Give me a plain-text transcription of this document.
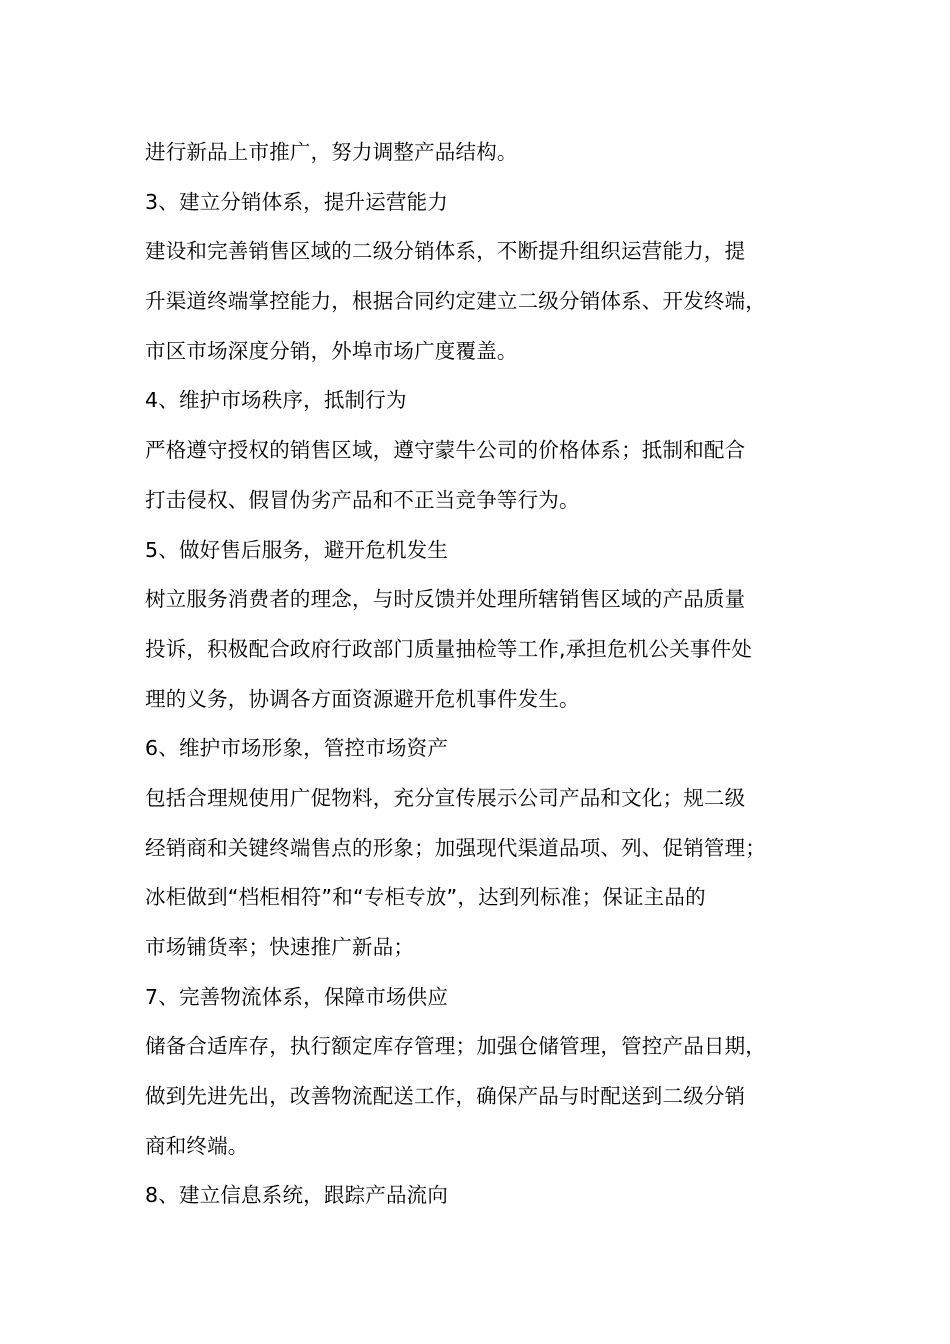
进行新品上市推广，努力调整产品结构。
3、建立分销体系，提升运营能力
建设和完善销售区域的二级分销体系，不断提升组织运营能力，提
升渠道终端掌控能力，根据合同约定建立二级分销体系、开发终端，
市区市场深度分销，外埠市场广度覆盖。
4、维护市场秩序，抵制行为
严格遵守授权的销售区域，遵守蒙牛公司的价格体系；抵制和配合
打击侵权、假冒伪劣产品和不正当竞争等行为。
5、做好售后服务，避开危机发生
树立服务消费者的理念，与时反馈并处理所辖销售区域的产品质量
投诉，积极配合政府行政部门质量抽检等工作,承担危机公关事件处
理的义务，协调各方面资源避开危机事件发生。
6、维护市场形象，管控市场资产
包括合理规使用广促物料，充分宣传展示公司产品和文化；规二级
经销商和关键终端售点的形象；加强现代渠道品项、列、促销管理；
冰柜做到“档柜相符”和“专柜专放”，达到列标准；保证主品的
市场铺货率；快速推广新品；
7、完善物流体系，保障市场供应
储备合适库存，执行额定库存管理；加强仓储管理，管控产品日期，
做到先进先出，改善物流配送工作，确保产品与时配送到二级分销
商和终端。
8、建立信息系统，跟踪产品流向
